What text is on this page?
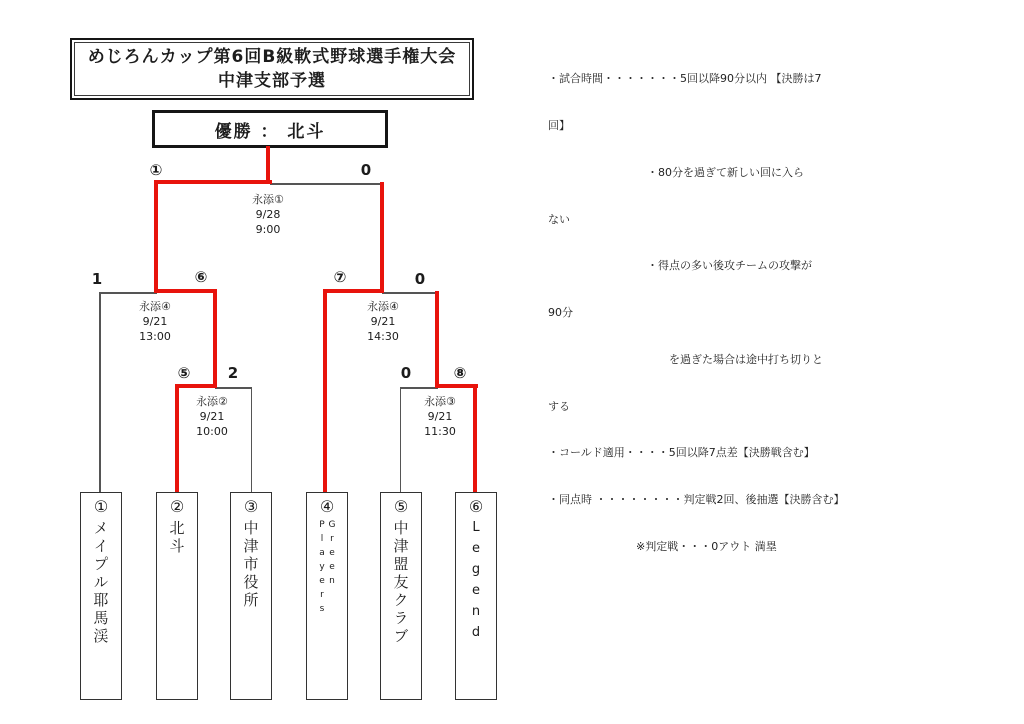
めじろんカップ第6回B級軟式野球選手権大会
中津支部予選
優勝 ： 北斗

・試合時間・・・・・・・5回以降90分以内 【決勝は7

回】

　　　　　　　　　・80分を過ぎて新しい回に入ら

ない

　　　　　　　　　・得点の多い後攻チームの攻撃が

90分

　　　　　　　　　　　を過ぎた場合は途中打ち切りと

する

・コールド適用・・・・5回以降7点差【決勝戦含む】

・同点時 ・・・・・・・・判定戦2回、後抽選【決勝含む】

　　　　　　　　※判定戦・・・0アウト 満塁

①	0
1	⑥	⑦	0
⑤	2	0	⑧
永添①
9/28
9:00
永添④
9/21
13:00
永添④
9/21
14:30
永添②
9/21
10:00
永添③
9/21
11:30
①
メイプル耶馬渓
②
北斗
③
中津市役所
④
Green Players
⑤
中津盟友クラブ
⑥
Legend
